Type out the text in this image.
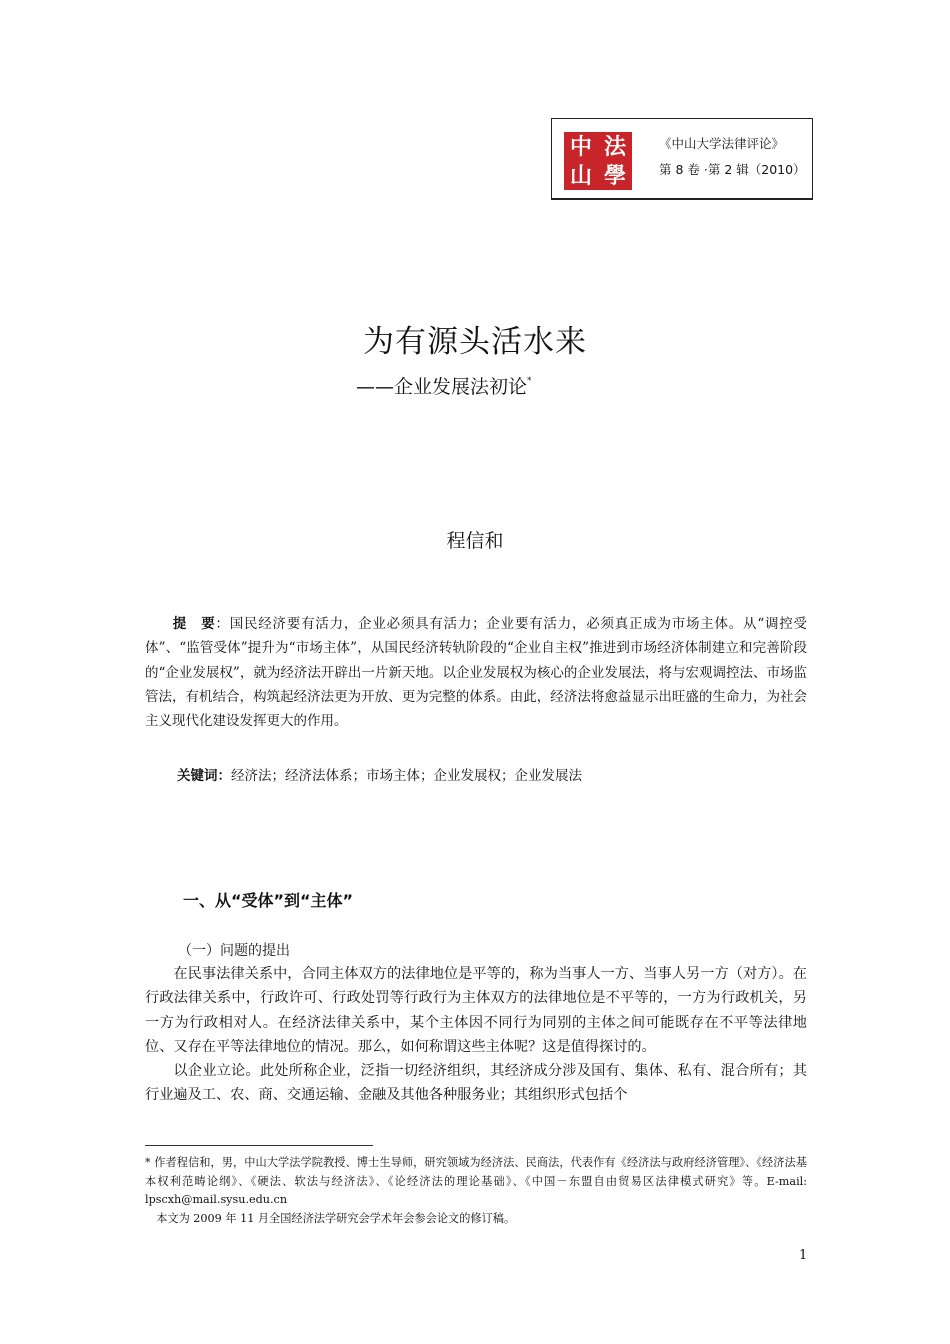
中 法
山 學
《中山大学法律评论》
第 8 卷 ·第 2 辑（2010）
为有源头活水来
——企业发展法初论*
程信和
提　要：国民经济要有活力，企业必须具有活力；企业要有活力，必须真正成为市场主体。从“调控受体”、“监管受体”提升为“市场主体”，从国民经济转轨阶段的“企业自主权”推进到市场经济体制建立和完善阶段的“企业发展权”，就为经济法开辟出一片新天地。以企业发展权为核心的企业发展法，将与宏观调控法、市场监管法，有机结合，构筑起经济法更为开放、更为完整的体系。由此，经济法将愈益显示出旺盛的生命力，为社会主义现代化建设发挥更大的作用。
关键词：经济法；经济法体系；市场主体；企业发展权；企业发展法
一、从“受体”到“主体”
（一）问题的提出

在民事法律关系中，合同主体双方的法律地位是平等的，称为当事人一方、当事人另一方（对方）。在行政法律关系中，行政许可、行政处罚等行政行为主体双方的法律地位是不平等的，一方为行政机关，另一方为行政相对人。在经济法律关系中，某个主体因不同行为同别的主体之间可能既存在不平等法律地位、又存在平等法律地位的情况。那么，如何称谓这些主体呢？这是值得探讨的。

以企业立论。此处所称企业，泛指一切经济组织，其经济成分涉及国有、集体、私有、混合所有；其行业遍及工、农、商、交通运输、金融及其他各种服务业；其组织形式包括个

* 作者程信和，男，中山大学法学院教授、博士生导师，研究领域为经济法、民商法，代表作有《经济法与政府经济管理》、《经济法基本权利范畴论纲》、《硬法、软法与经济法》、《论经济法的理论基础》、《中国－东盟自由贸易区法律模式研究》等。E-mail: lpscxh@mail.sysu.edu.cn

本文为 2009 年 11 月全国经济法学研究会学术年会参会论文的修订稿。

1
